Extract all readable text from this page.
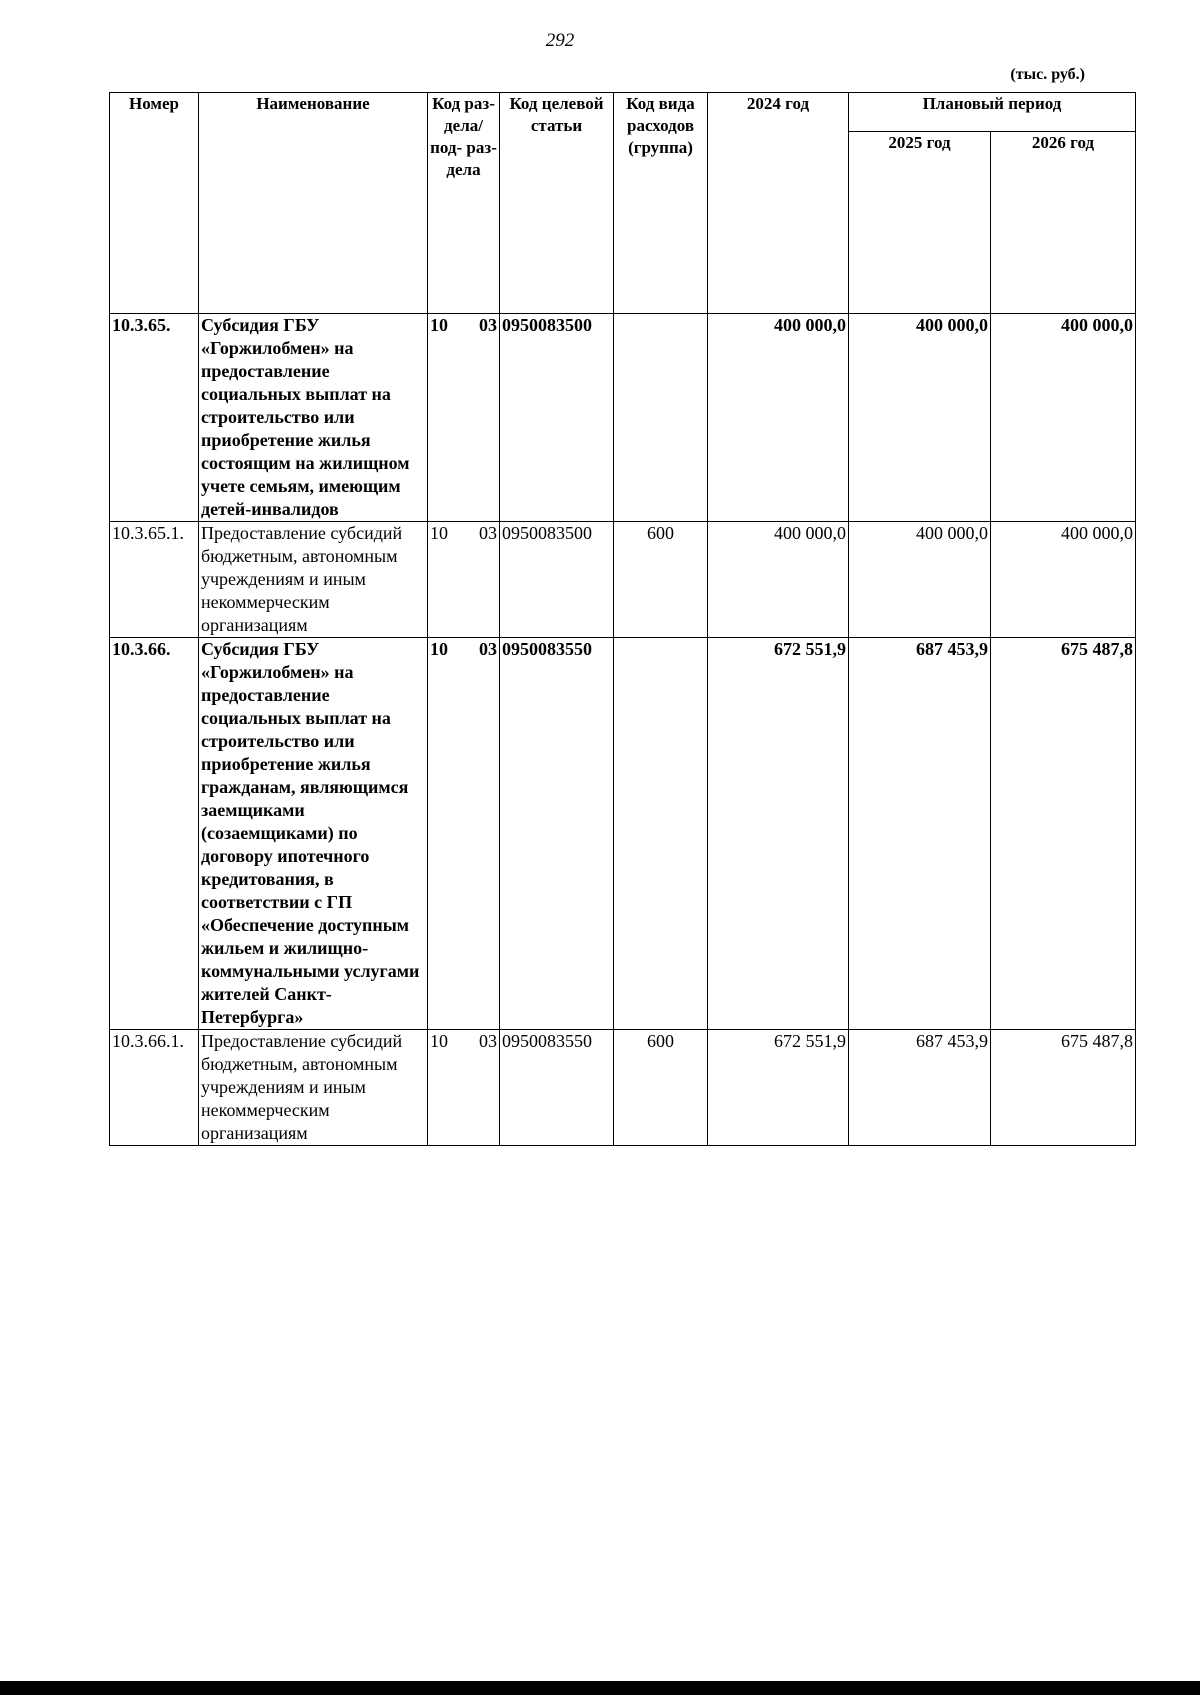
292
(тыс. руб.)
Номер	Наименование	Код раз- дела/ под- раз- дела	Код целевой статьи	Код вида расходов (группа)	2024 год	Плановый период	
						2025 год	2026 год
10.3.65.	Субсидия ГБУ «Горжилобмен» на предоставление социальных выплат на строительство или приобретение жилья состоящим на жилищном учете семьям, имеющим детей-инвалидов	10 03	0950083500		400 000,0	400 000,0	400 000,0
10.3.65.1.	Предоставление субсидий бюджетным, автономным учреждениям и иным некоммерческим организациям	10 03	0950083500	600	400 000,0	400 000,0	400 000,0
10.3.66.	Субсидия ГБУ «Горжилобмен» на предоставление социальных выплат на строительство или приобретение жилья гражданам, являющимся заемщиками (созаемщиками) по договору ипотечного кредитования, в соответствии с ГП «Обеспечение доступным жильем и жилищно-коммунальными услугами жителей Санкт-Петербурга»	10 03	0950083550		672 551,9	687 453,9	675 487,8
10.3.66.1.	Предоставление субсидий бюджетным, автономным учреждениям и иным некоммерческим организациям	10 03	0950083550	600	672 551,9	687 453,9	675 487,8
